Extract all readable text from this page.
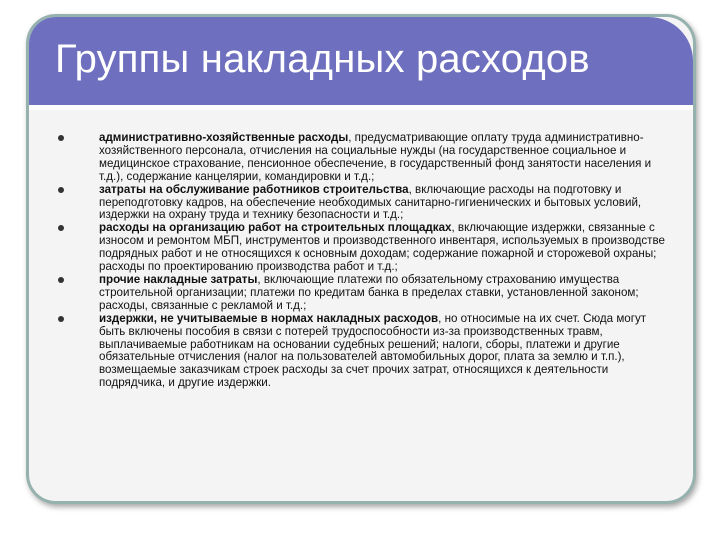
Группы накладных расходов
административно-хозяйственные расходы, предусматривающие оплату труда административно-хозяйственного персонала, отчисления на социальные нужды (на государственное социальное и медицинское страхование, пенсионное обеспечение, в государственный фонд занятости населения и т.д.), содержание канцелярии, командировки и т.д.;
затраты на обслуживание работников строительства, включающие расходы на подготовку и переподготовку кадров, на обеспечение необходимых санитарно-гигиенических и бытовых условий, издержки на охрану труда и технику безопасности и т.д.;
расходы на организацию работ на строительных площадках, включающие издержки, связанные с износом и ремонтом МБП, инструментов и производственного инвентаря, используемых в производстве подрядных работ и не относящихся к основным доходам; содержание пожарной и сторожевой охраны; расходы по проектированию производства работ и т.д.;
прочие накладные затраты, включающие платежи по обязательному страхованию имущества строительной организации; платежи по кредитам банка в пределах ставки, установленной законом; расходы, связанные с рекламой и т.д.;
издержки, не учитываемые в нормах накладных расходов, но относимые на их счет. Сюда могут быть включены пособия в связи с потерей трудоспособности из-за производственных травм, выплачиваемые работникам на основании судебных решений; налоги, сборы, платежи и другие обязательные отчисления (налог на пользователей автомобильных дорог, плата за землю и т.п.), возмещаемые заказчикам строек расходы за счет прочих затрат, относящихся к деятельности подрядчика, и другие издержки.
